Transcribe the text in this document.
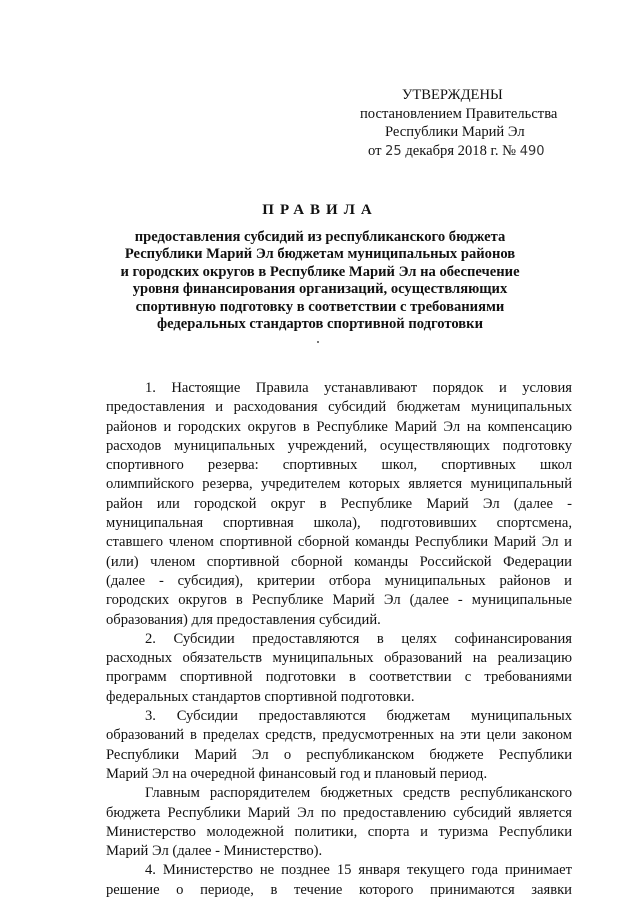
УТВЕРЖДЕНЫ
постановлением Правительства
Республики Марий Эл
от 25 декабря 2018 г. № 490
ПРАВИЛА
предоставления субсидий из республиканского бюджета
Республики Марий Эл бюджетам муниципальных районов
и городских округов в Республике Марий Эл на обеспечение
уровня финансирования организаций, осуществляющих
спортивную подготовку в соответствии с требованиями
федеральных стандартов спортивной подготовки
1. Настоящие Правила устанавливают порядок и условия
предоставления и расходования субсидий бюджетам муниципальных
районов и городских округов в Республике Марий Эл на компенсацию
расходов муниципальных учреждений, осуществляющих подготовку
спортивного резерва: спортивных школ, спортивных школ
олимпийского резерва, учредителем которых является муниципальный
район или городской округ в Республике Марий Эл (далее -
муниципальная спортивная школа), подготовивших спортсмена,
ставшего членом спортивной сборной команды Республики Марий Эл и
(или) членом спортивной сборной команды Российской Федерации
(далее - субсидия), критерии отбора муниципальных районов и
городских округов в Республике Марий Эл (далее - муниципальные
образования) для предоставления субсидий.
2. Субсидии предоставляются в целях софинансирования
расходных обязательств муниципальных образований на реализацию
программ спортивной подготовки в соответствии с требованиями
федеральных стандартов спортивной подготовки.
3. Субсидии предоставляются бюджетам муниципальных
образований в пределах средств, предусмотренных на эти цели законом
Республики Марий Эл о республиканском бюджете Республики
Марий Эл на очередной финансовый год и плановый период.
Главным распорядителем бюджетных средств республиканского
бюджета Республики Марий Эл по предоставлению субсидий является
Министерство молодежной политики, спорта и туризма Республики
Марий Эл (далее - Министерство).
4. Министерство не позднее 15 января текущего года принимает
решение о периоде, в течение которого принимаются заявки
